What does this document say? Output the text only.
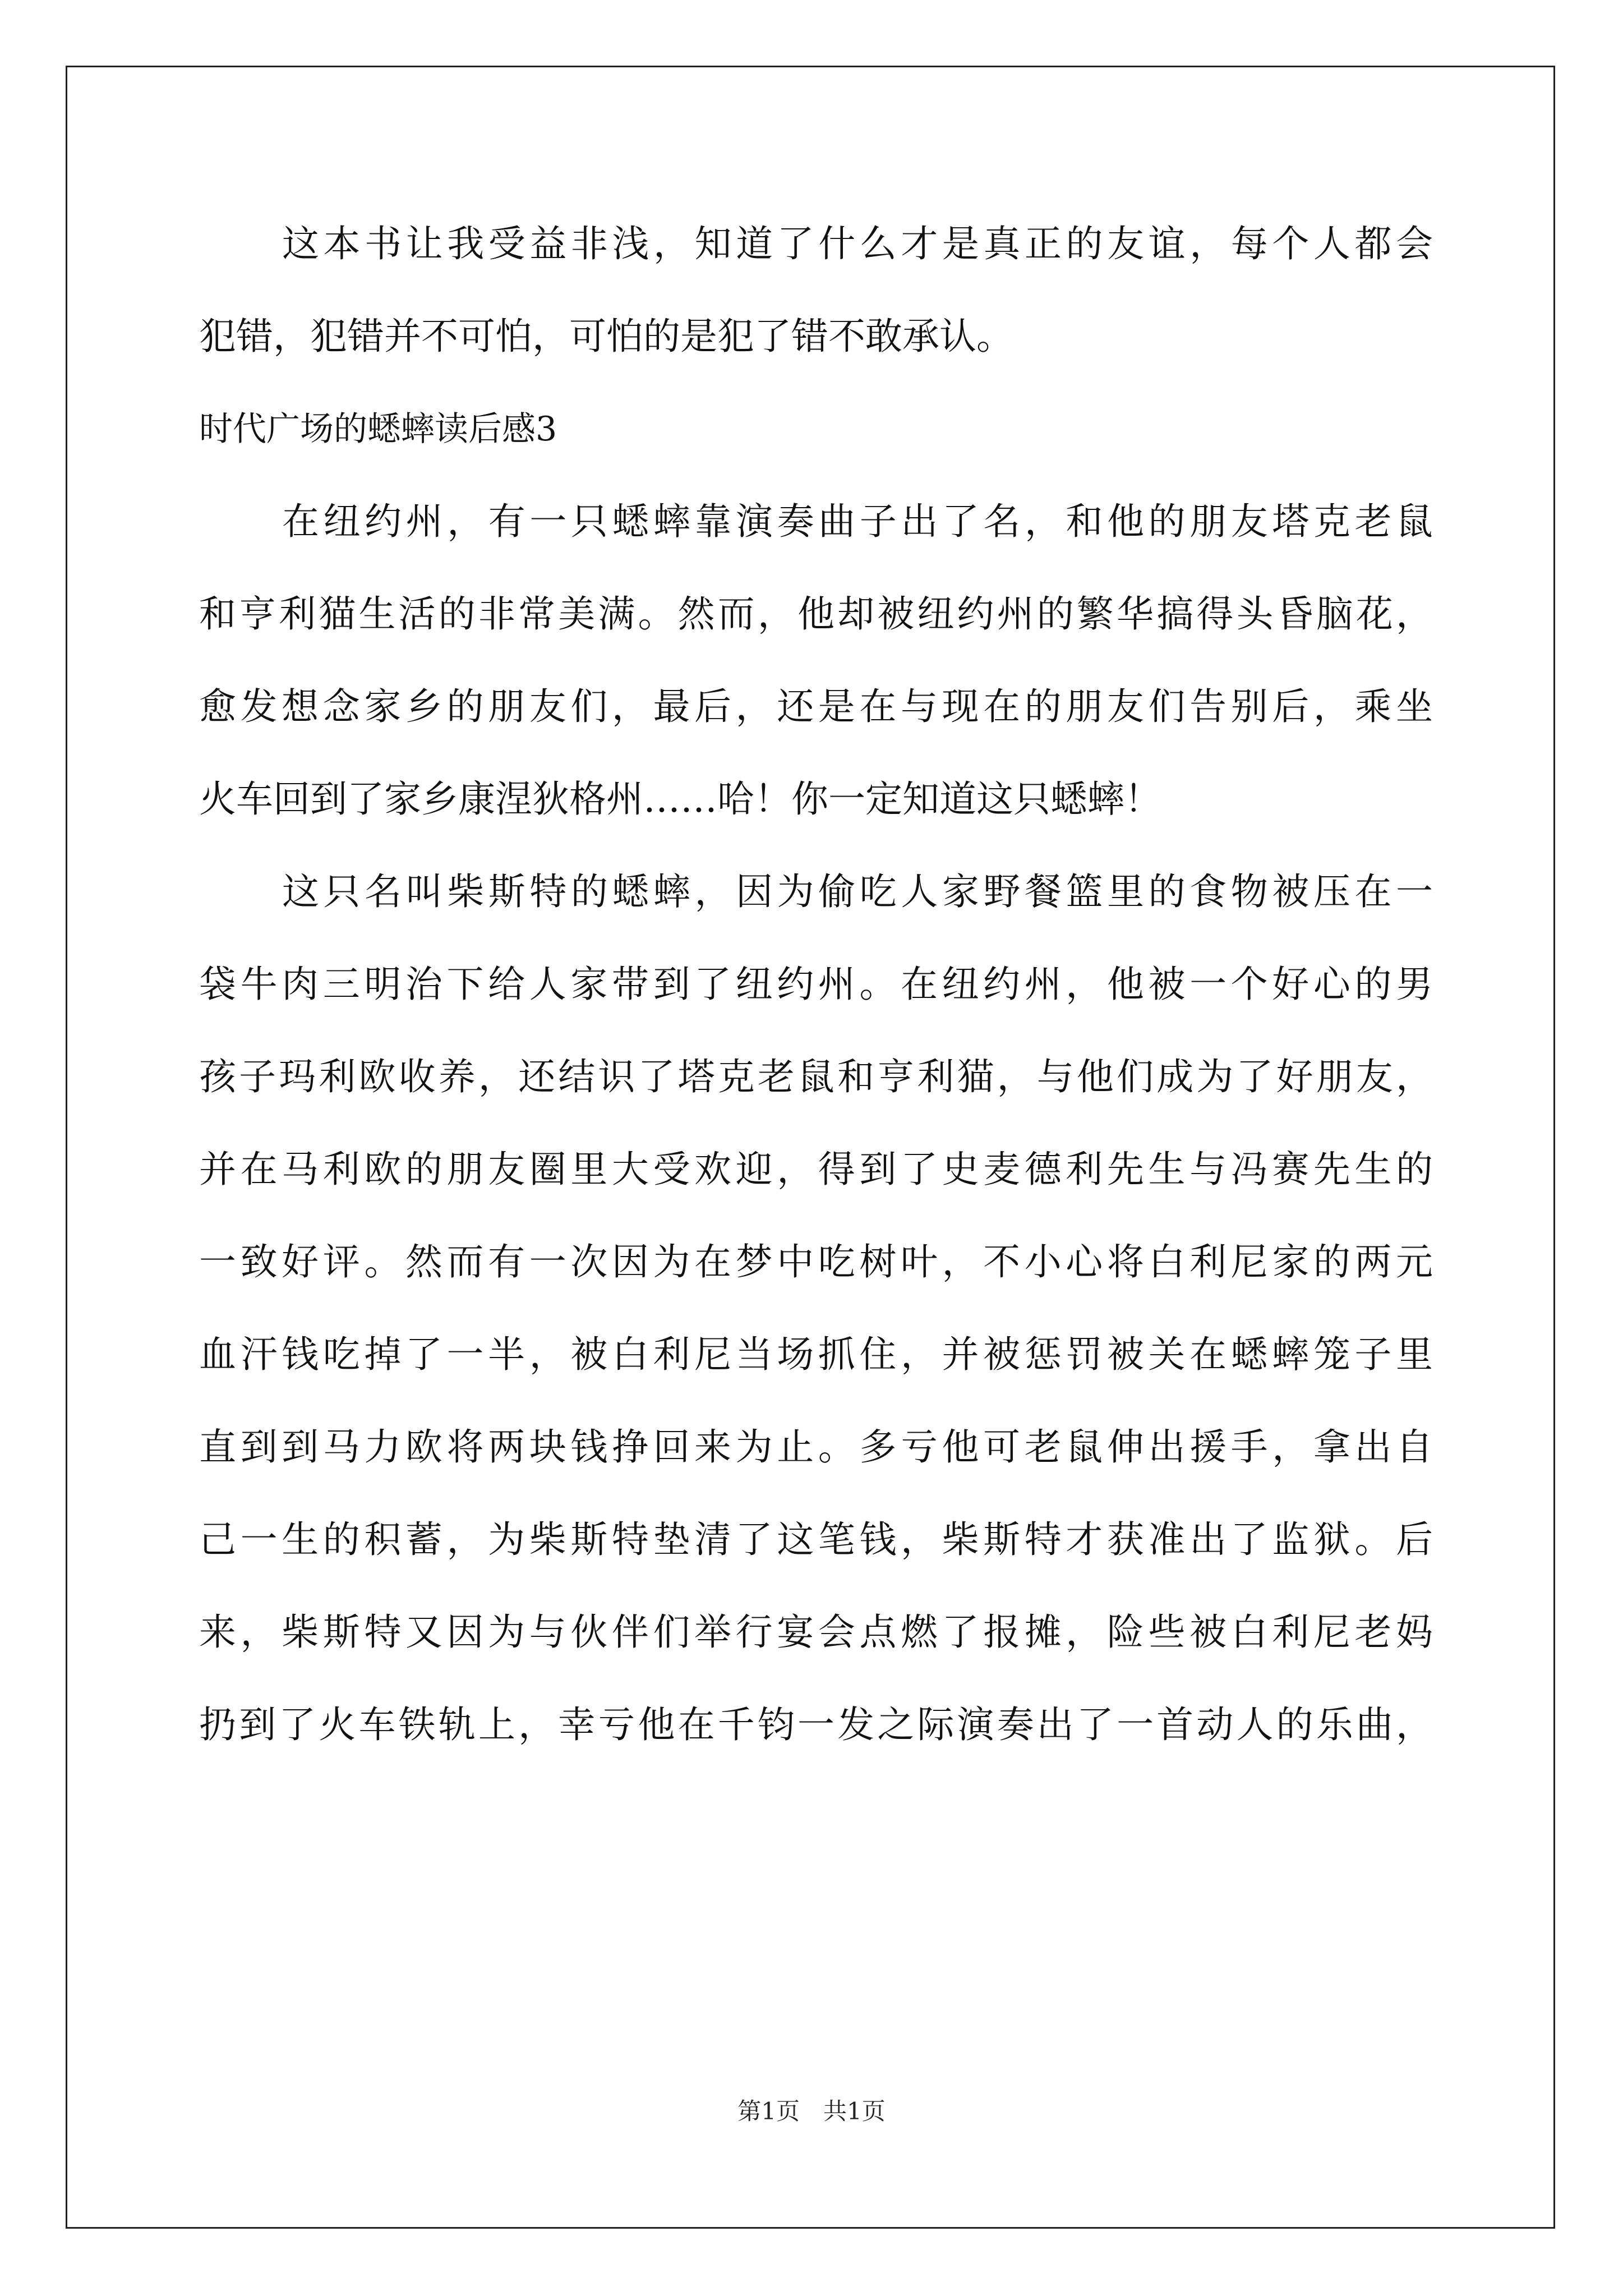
这本书让我受益非浅，知道了什么才是真正的友谊，每个人都会
犯错，犯错并不可怕，可怕的是犯了错不敢承认。
时代广场的蟋蟀读后感3
在纽约州，有一只蟋蟀靠演奏曲子出了名，和他的朋友塔克老鼠
和亨利猫生活的非常美满。然而，他却被纽约州的繁华搞得头昏脑花，
愈发想念家乡的朋友们，最后，还是在与现在的朋友们告别后，乘坐
火车回到了家乡康涅狄格州……哈！你一定知道这只蟋蟀！
这只名叫柴斯特的蟋蟀，因为偷吃人家野餐篮里的食物被压在一
袋牛肉三明治下给人家带到了纽约州。在纽约州，他被一个好心的男
孩子玛利欧收养，还结识了塔克老鼠和亨利猫，与他们成为了好朋友，
并在马利欧的朋友圈里大受欢迎，得到了史麦德利先生与冯赛先生的
一致好评。然而有一次因为在梦中吃树叶，不小心将白利尼家的两元
血汗钱吃掉了一半，被白利尼当场抓住，并被惩罚被关在蟋蟀笼子里
直到到马力欧将两块钱挣回来为止。多亏他可老鼠伸出援手，拿出自
己一生的积蓄，为柴斯特垫清了这笔钱，柴斯特才获准出了监狱。后
来，柴斯特又因为与伙伴们举行宴会点燃了报摊，险些被白利尼老妈
扔到了火车铁轨上，幸亏他在千钧一发之际演奏出了一首动人的乐曲，
第1页　共1页
